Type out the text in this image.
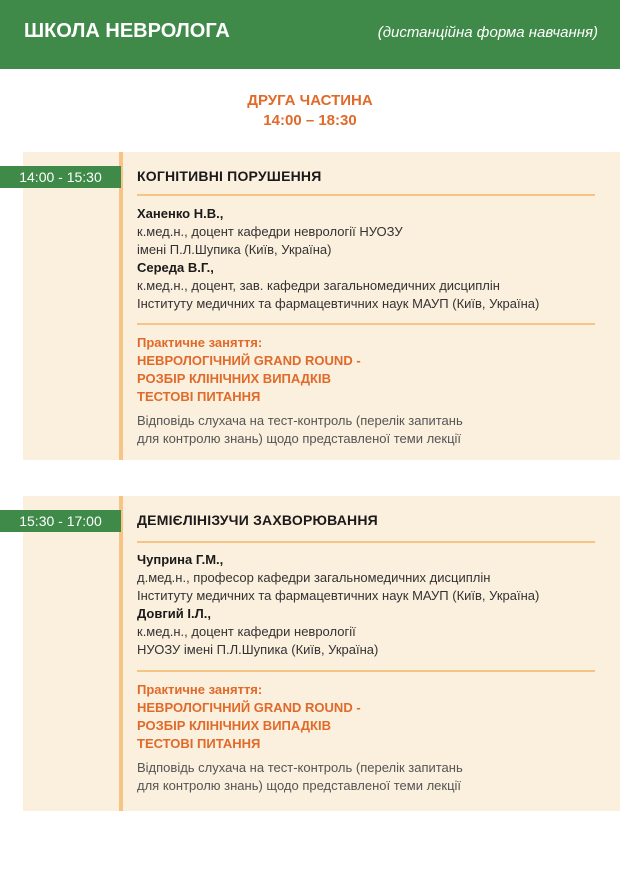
ШКОЛА НЕВРОЛОГА	(дистанційна форма навчання)
ДРУГА ЧАСТИНА
14:00 – 18:30
14:00 - 15:30	КОГНІТИВНІ ПОРУШЕННЯ
Ханенко Н.В.,
к.мед.н., доцент кафедри неврології НУОЗУ
імені П.Л.Шупика (Київ, Україна)
Середа В.Г.,
к.мед.н., доцент, зав. кафедри загальномедичних дисциплін
Інституту медичних та фармацевтичних наук МАУП (Київ, Україна)
Практичне заняття:
НЕВРОЛОГІЧНИЙ GRAND ROUND -
РОЗБІР КЛІНІЧНИХ ВИПАДКІВ
ТЕСТОВІ ПИТАННЯ
Відповідь слухача на тест-контроль (перелік запитань
для контролю знань) щодо представленої теми лекції
15:30 - 17:00	ДЕМІЄЛІНІЗУЧИ ЗАХВОРЮВАННЯ
Чуприна Г.М.,
д.мед.н., професор кафедри загальномедичних дисциплін
Інституту медичних та фармацевтичних наук МАУП (Київ, Україна)
Довгий І.Л.,
к.мед.н., доцент кафедри неврології
НУОЗУ імені П.Л.Шупика (Київ, Україна)
Практичне заняття:
НЕВРОЛОГІЧНИЙ GRAND ROUND -
РОЗБІР КЛІНІЧНИХ ВИПАДКІВ
ТЕСТОВІ ПИТАННЯ
Відповідь слухача на тест-контроль (перелік запитань
для контролю знань) щодо представленої теми лекції
